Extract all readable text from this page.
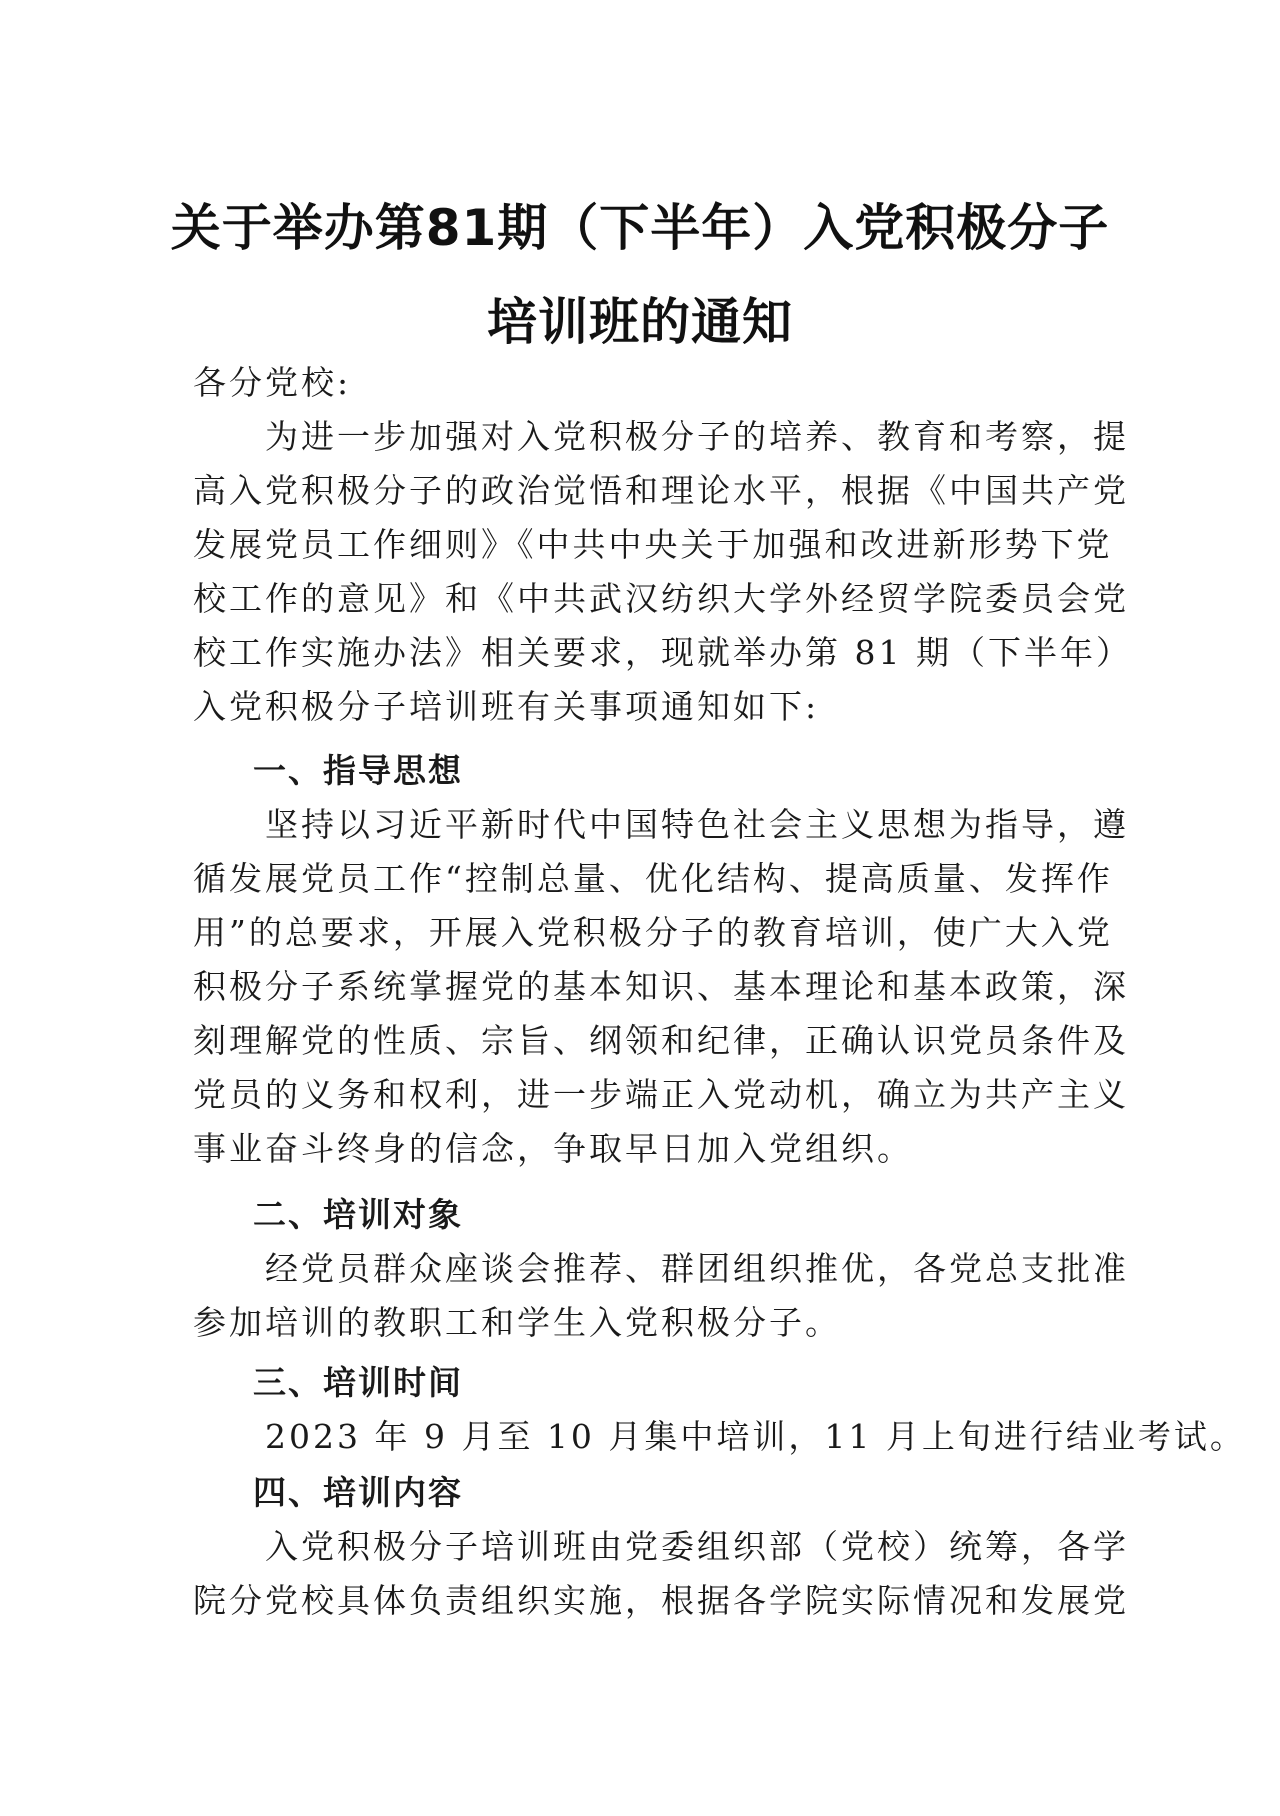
关于举办第81期（下半年）入党积极分子
培训班的通知

各分党校:

　　为进一步加强对入党积极分子的培养、教育和考察，提
高入党积极分子的政治觉悟和理论水平，根据《中国共产党
发展党员工作细则》《中共中央关于加强和改进新形势下党
校工作的意见》和《中共武汉纺织大学外经贸学院委员会党
校工作实施办法》相关要求，现就举办第 81 期（下半年）
入党积极分子培训班有关事项通知如下:
一、指导思想
　　坚持以习近平新时代中国特色社会主义思想为指导，遵
循发展党员工作“控制总量、优化结构、提高质量、发挥作
用”的总要求，开展入党积极分子的教育培训，使广大入党
积极分子系统掌握党的基本知识、基本理论和基本政策，深
刻理解党的性质、宗旨、纲领和纪律，正确认识党员条件及
党员的义务和权利，进一步端正入党动机，确立为共产主义
事业奋斗终身的信念，争取早日加入党组织。
二、培训对象
　　经党员群众座谈会推荐、群团组织推优，各党总支批准
参加培训的教职工和学生入党积极分子。
三、培训时间
　　2023 年 9 月至 10 月集中培训，11 月上旬进行结业考试。
四、培训内容
　　入党积极分子培训班由党委组织部（党校）统筹，各学
院分党校具体负责组织实施，根据各学院实际情况和发展党
